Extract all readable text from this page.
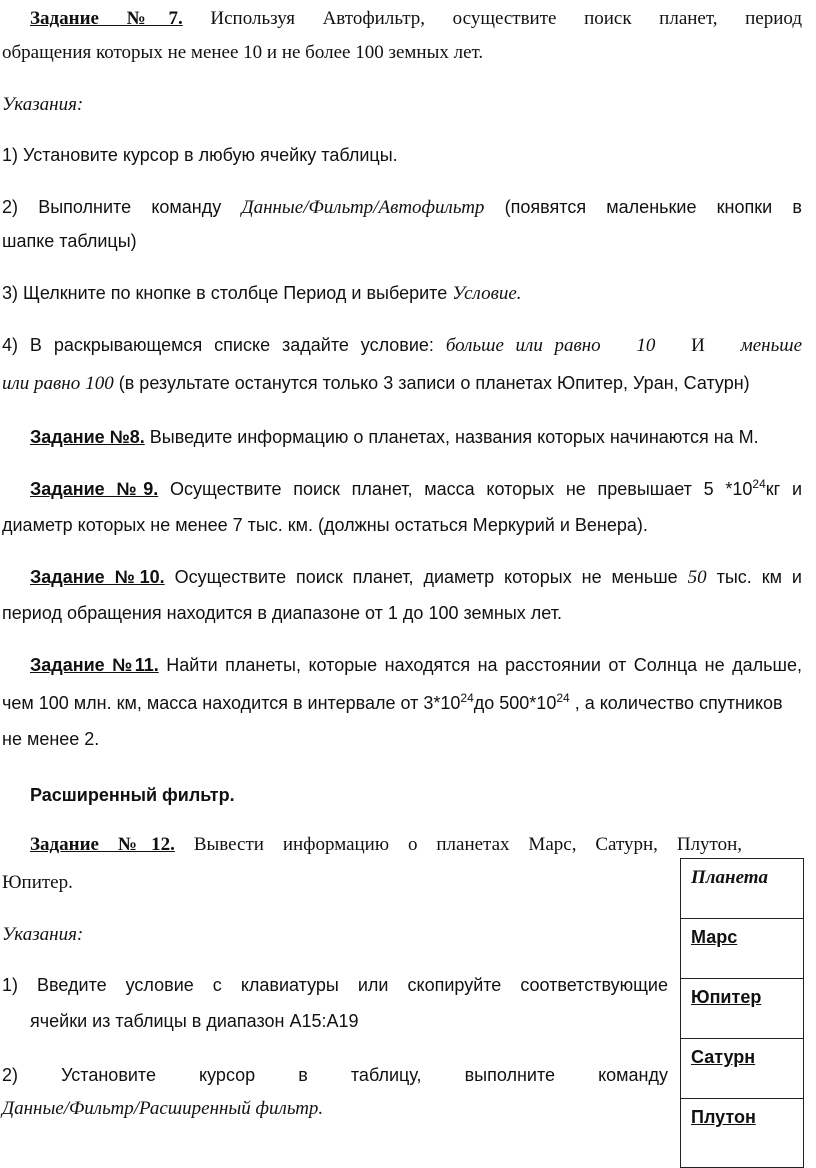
Задание №7. Используя Автофильтр, осуществите поиск планет, период
обращения которых не менее 10 и не более 100 земных лет.
Указания:
1) Установите курсор в любую ячейку таблицы.
2) Выполните команду Данные/Фильтр/Автофильтр (появятся маленькие кнопки в
шапке таблицы)
3) Щелкните по кнопке в столбце Период и выберите Условие.
4) В раскрывающемся списке задайте условие: больше или равно 10 И меньше
или равно 100 (в результате останутся только 3 записи о планетах Юпитер, Уран, Сатурн)
Задание №8. Выведите информацию о планетах, названия которых начинаются на М.
Задание №9. Осуществите поиск планет, масса которых не превышает 5 $*10^{24}кг$ и
диаметр которых не менее 7 тыс. км. (должны остаться Меркурий и Венера).
Задание №10. Осуществите поиск планет, диаметр которых не меньше 50 тыс. км и
период обращения находится в диапазоне от 1 до 100 земных лет.
Задание №11. Найти планеты, которые находятся на расстоянии от Солнца не дальше,
чем 100 млн. км, масса находится в интервале от $3*10^{24}до$ $500*10^{24}$ , а количество спутников
не менее 2.
Расширенный фильтр.
Задание №12. Вывести информацию о планетах Марс, Сатурн, Плутон,
Юпитер.
Указания:
1) Введите условие с клавиатуры или скопируйте соответствующие
ячейки из таблицы в диапазон А15:А19
2) Установите курсор в таблицу, выполните команду
Данные/Фильтр/Расширенный фильтр.
Планета
Марс
Юпитер
Сатурн
Плутон
